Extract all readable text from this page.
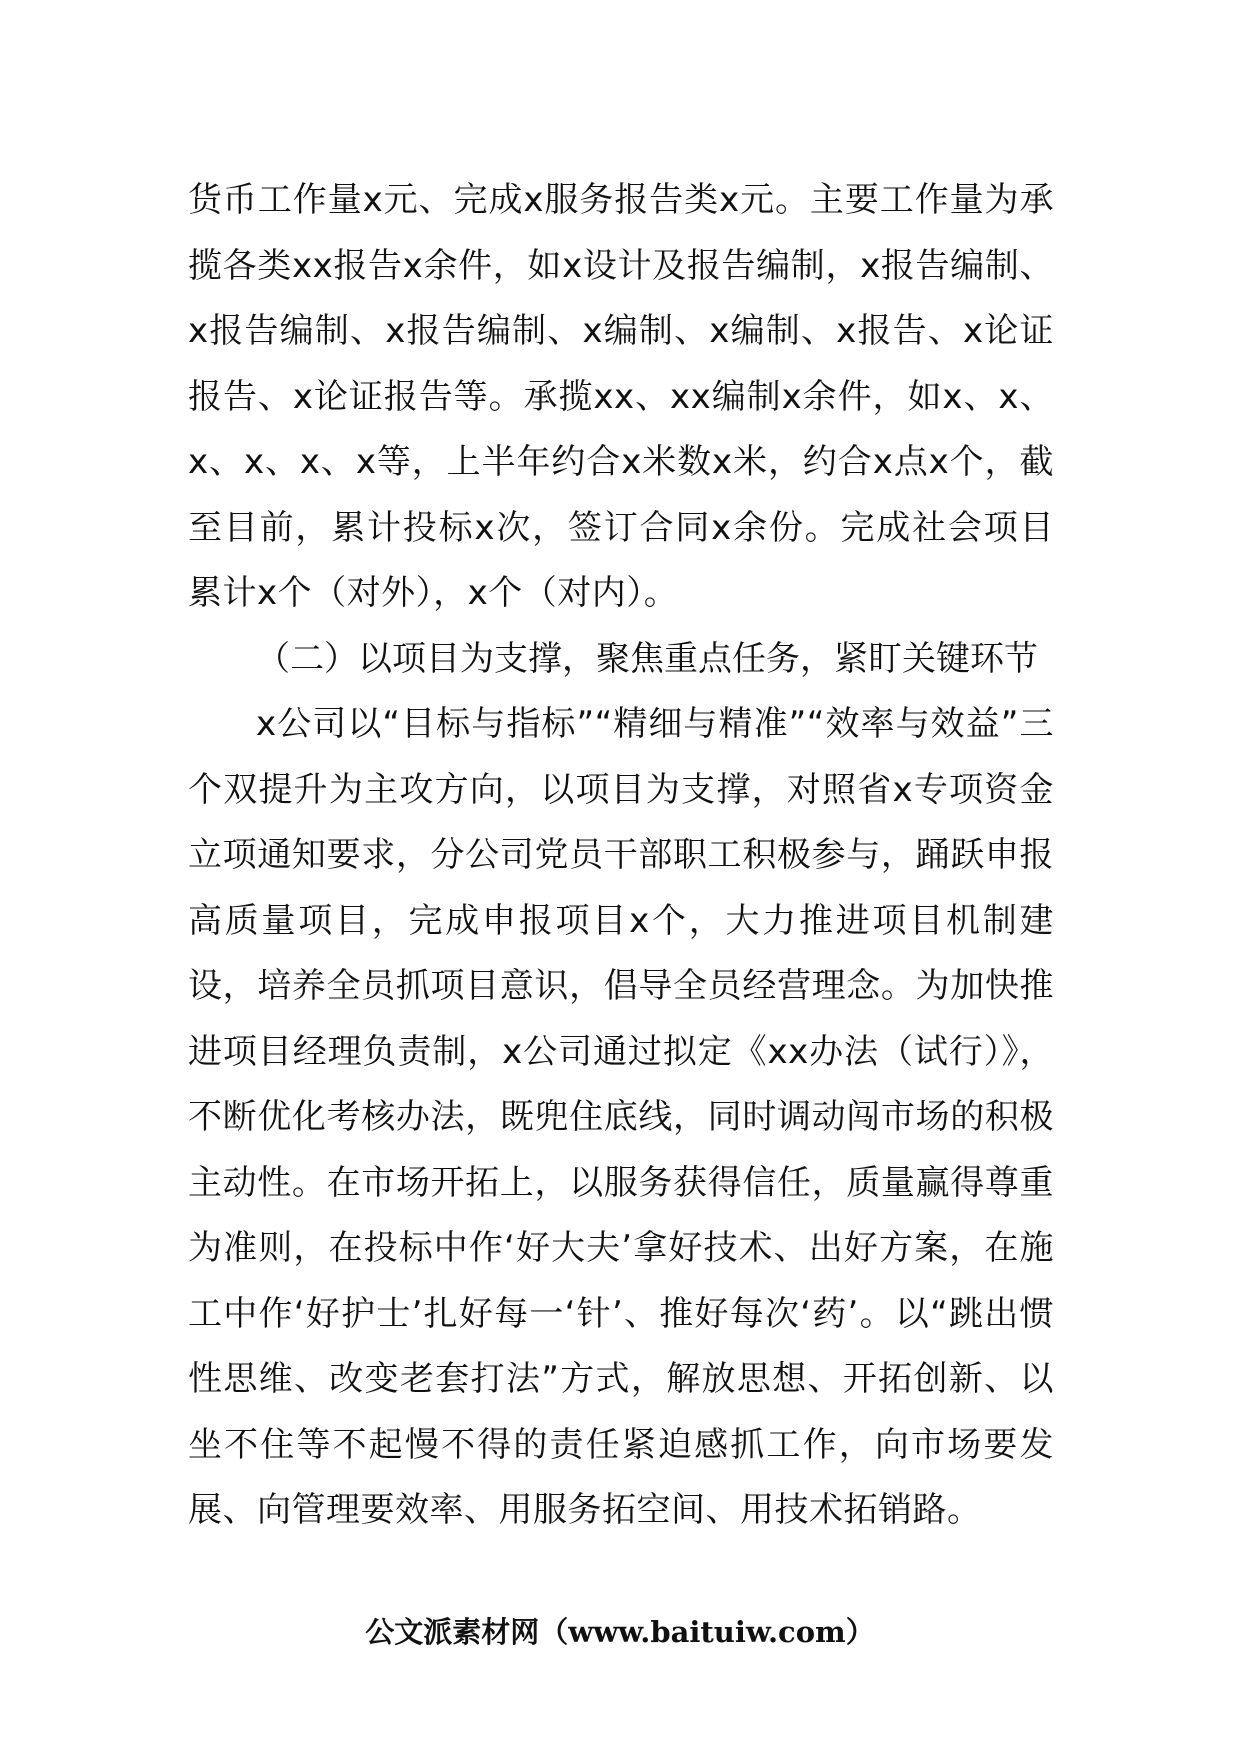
货币工作量x元、完成x服务报告类x元。主要工作量为承揽各类xx报告x余件，如x设计及报告编制，x报告编制、x报告编制、x报告编制、x编制、x编制、x报告、x论证报告、x论证报告等。承揽xx、xx编制x余件，如x、x、x、x、x、x等，上半年约合x米数x米，约合x点x个，截至目前，累计投标x次，签订合同x余份。完成社会项目累计x个（对外），x个（对内）。

（二）以项目为支撑，聚焦重点任务，紧盯关键环节

x公司以“目标与指标”“精细与精准”“效率与效益”三个双提升为主攻方向，以项目为支撑，对照省x专项资金立项通知要求，分公司党员干部职工积极参与，踊跃申报高质量项目，完成申报项目x个，大力推进项目机制建设，培养全员抓项目意识，倡导全员经营理念。为加快推进项目经理负责制，x公司通过拟定《xx办法（试行）》，不断优化考核办法，既兜住底线，同时调动闯市场的积极主动性。在市场开拓上，以服务获得信任，质量赢得尊重为准则，在投标中作‘好大夫’拿好技术、出好方案，在施工中作‘好护士’扎好每一‘针’、推好每次‘药’。以“跳出惯性思维、改变老套打法”方式，解放思想、开拓创新、以坐不住等不起慢不得的责任紧迫感抓工作，向市场要发展、向管理要效率、用服务拓空间、用技术拓销路。

公文派素材网（www.baituiw.com）
